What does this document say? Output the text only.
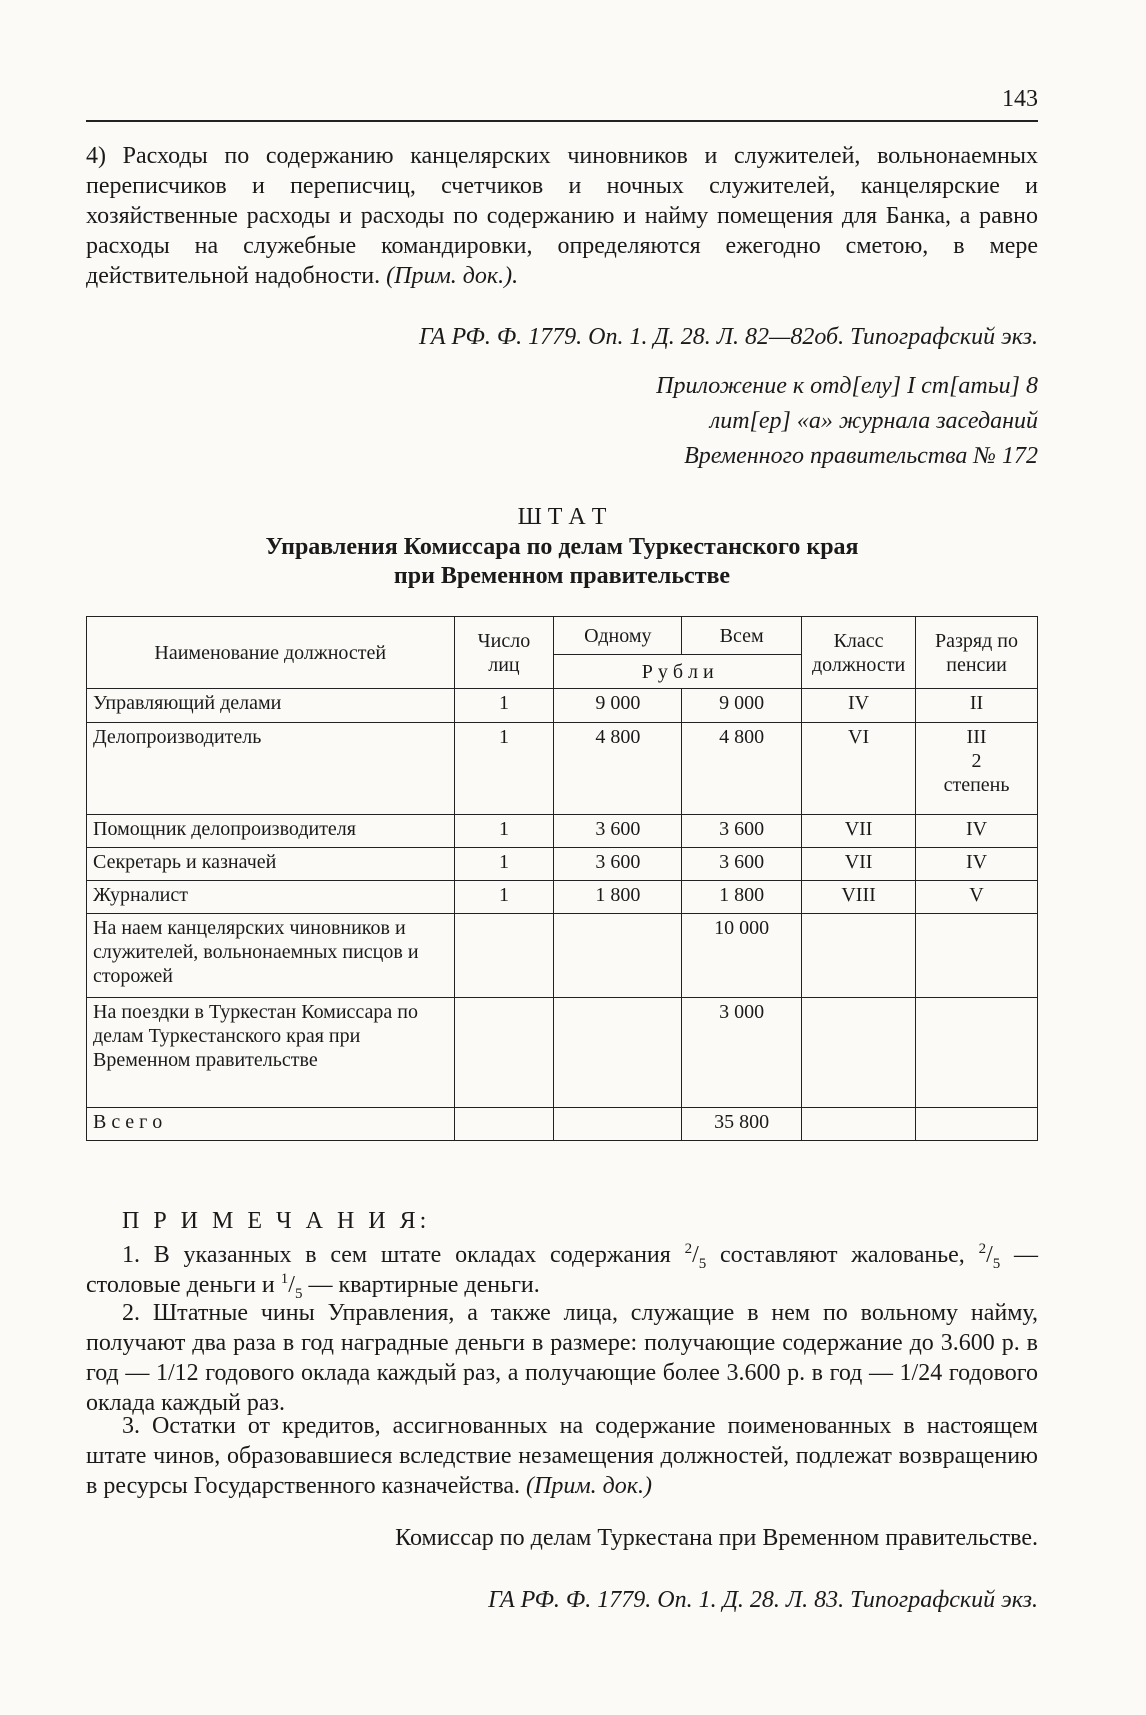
143

4) Расходы по содержанию канцелярских чиновников и служителей, вольнонаемных переписчиков и переписчиц, счетчиков и ночных служителей, канцелярские и хозяйственные расходы и расходы по содержанию и найму помещения для Банка, а равно расходы на служебные командировки, определяются ежегодно сметою, в мере действительной надобности. (Прим. док.).

ГА РФ. Ф. 1779. Оп. 1. Д. 28. Л. 82—82об. Типографский экз.
Приложение к отд[елу] I ст[атьи] 8
лит[ер] «а» журнала заседаний
Временного правительства № 172
Ш Т А Т
Управления Комиссара по делам Туркестанского края
при Временном правительстве
Наименование должностей	Число лиц	Одному	Всем	Класс должности	Разряд по пенсии
		Р у б л и			
Управляющий делами	1	9 000	9 000	IV	II
Делопроизводитель	1	4 800	4 800	VI	III
2 степень

Помощник делопроизводителя	1	3 600	3 600	VII	IV
Секретарь и казначей	1	3 600	3 600	VII	IV
Журналист	1	1 800	1 800	VIII	V
На наем канцелярских чиновников и служителей, вольнонаемных писцов и сторожей			10 000		
На поездки в Туркестан Комиссара по делам Туркестанского края при Временном правительстве			3 000		
В с е г о			35 800		
П Р И М Е Ч А Н И Я:

1. В указанных в сем штате окладах содержания $^2/_5$ составляют жалованье, $^2/_5$ — столовые деньги и $^1/_5$ — квартирные деньги.

2. Штатные чины Управления, а также лица, служащие в нем по вольному найму, получают два раза в год наградные деньги в размере: получающие содержание до 3.600 р. в год — 1/12 годового оклада каждый раз, а получающие более 3.600 р. в год — 1/24 годового оклада каждый раз.

3. Остатки от кредитов, ассигнованных на содержание поименованных в настоящем штате чинов, образовавшиеся вследствие незамещения должностей, подлежат возвращению в ресурсы Государственного казначейства. (Прим. док.)

Комиссар по делам Туркестана при Временном правительстве.
ГА РФ. Ф. 1779. Оп. 1. Д. 28. Л. 83. Типографский экз.
